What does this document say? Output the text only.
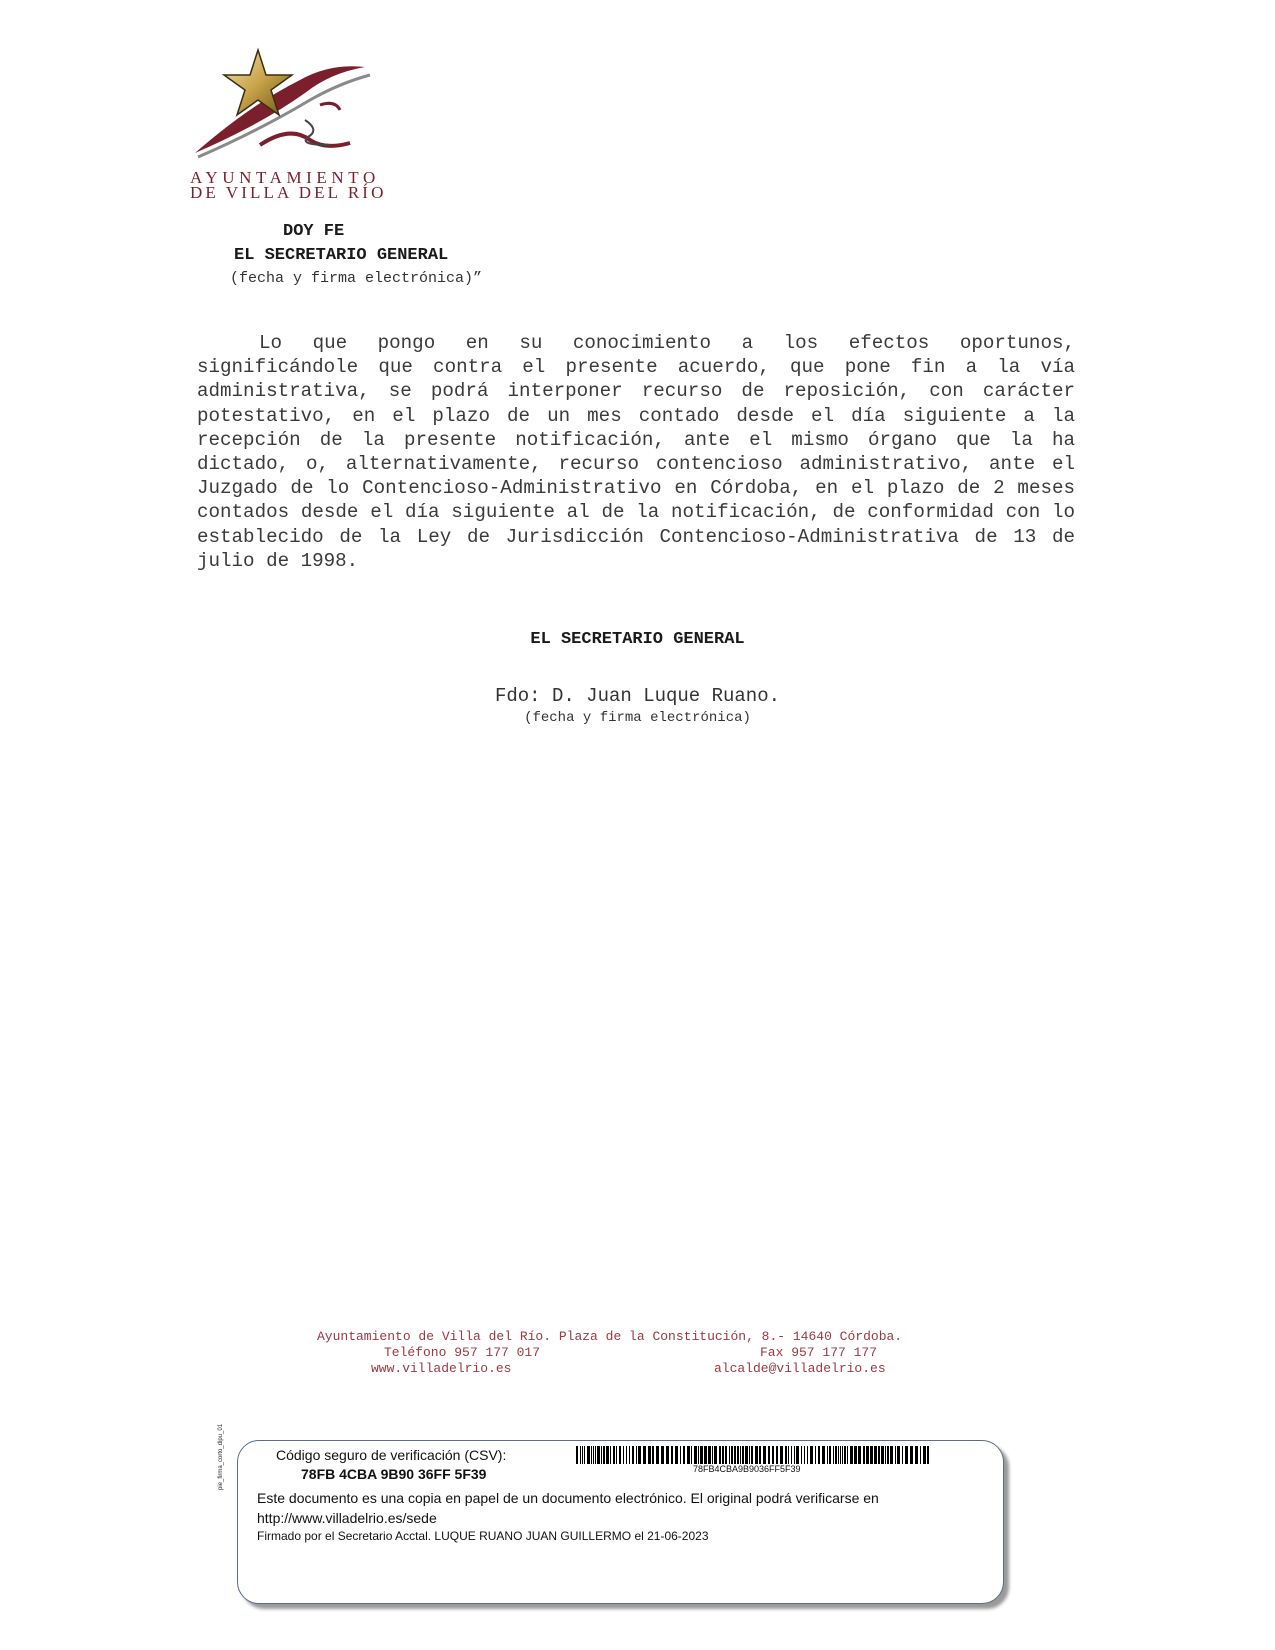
AYUNTAMIENTO
DE VILLA DEL RÍO
DOY FE
EL SECRETARIO GENERAL
(fecha y firma electrónica)”

Lo que pongo en su conocimiento a los efectos oportunos, significándole que contra el presente acuerdo, que pone fin a la vía administrativa, se podrá interponer recurso de reposición, con carácter potestativo, en el plazo de un mes contado desde el día siguiente a la recepción de la presente notificación, ante el mismo órgano que la ha dictado, o, alternativamente, recurso contencioso administrativo, ante el Juzgado de lo Contencioso-Administrativo en Córdoba, en el plazo de 2 meses contados desde el día siguiente al de la notificación, de conformidad con lo establecido de la Ley de Jurisdicción Contencioso-Administrativa de 13 de julio de 1998.

EL SECRETARIO GENERAL
Fdo: D. Juan Luque Ruano.
(fecha y firma electrónica)
Ayuntamiento de Villa del Río. Plaza de la Constitución, 8.- 14640 Córdoba.
Teléfono 957 177 017	Fax 957 177 177
www.villadelrio.es	alcalde@villadelrio.es
pie_firma_corto_dipu_01	Código seguro de verificación (CSV):
78FB 4CBA 9B90 36FF 5F39	78FB4CBA9B9036FF5F39
Este documento es una copia en papel de un documento electrónico. El original podrá verificarse en http://www.villadelrio.es/sede
Firmado por el Secretario Acctal. LUQUE RUANO JUAN GUILLERMO el 21-06-2023
